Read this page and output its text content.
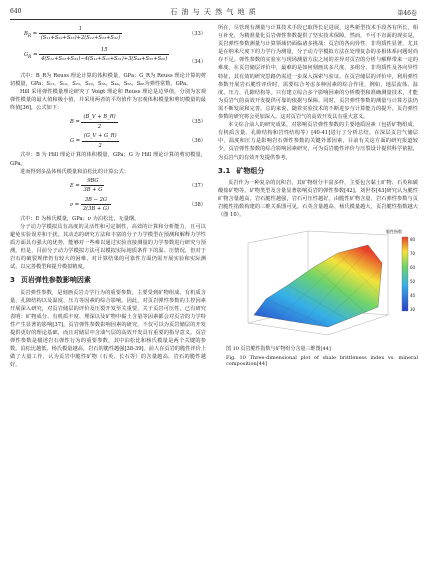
640	石 油 与 天 然 气 地 质	第46卷
$B_R = \frac{1}{\text{(S₁₁+S₂₂+S₃₃)+2(S₁₂+S₂₃+S₃₁)}}$	（33）
$G_R = \frac{15}{\text{4(S₁₁+S₂₂+S₃₃)−4(S₁₂+S₂₃+S₃₁)+3(S₄₄+S₅₅+S₆₆)}}$	（34）

式中：B_R为 Reuss 理论计算的体积模量，GPa；G_R为 Reuss 理论计算的剪切模量，GPa；S₁₁，S₁₂，S₂₂，S₂₃，S₃₃，S₄₄，S₅₅，S₆₆为弹性常数，GPa。

Hill 采用弹性模量理论研究了 Voigt 理论和 Reuss 理论是边界值，分别为宏观弹性模量的最大值和极小值，并采用两者的平均值作为宏观体积模量和剪切模量的最终值[36]，公式如下：

$B = \frac{(B\_V + B\_R)}{2}$	（35）
$G = \frac{(G\_V + G\_R)}{2}$	（36）

式中：B 为 Hill 理论计算的体积模量，GPa；G 为 Hill 理论计算的剪切模量，GPa。

进而得到多晶体杨氏模量和泊松比的计算公式：

$E = \frac{9BG}{3B + G}$	（37）
$\nu = \frac{3B - 2G}{2(3B + G)}$	（38）

式中：E 为杨氏模量，GPa；ν 为泊松比，无量纲。

分子动力学模拟具有高度的灵活性和可定制性，高效的计算和分析能力，且可以避免实验误差和干扰。其动态的研究方法和丰富的分子力学模型在预测和解释力学性质方面具有强大的优势，能够对一些难以通过实验直接测量的力学参数进行研究与预测。但是，目前分子动力学模拟方法可以模拟实际地质条件下的温、压情况，但对于岩石的破裂规律仍有较大的困难。对计算结果的可靠性方面仍需开展实验和实际测试，以完善模型和提升模拟精度。

3 页岩弹性参数影响因素

页岩弹性参数，是刻画页岩力学行为的重要参数，主要受到矿物组成、有机质含量、孔隙结构以及温度、压力等因素的综合影响。因此，对页岩弹性参数的主控因素开展深入研究，对页岩储层的评价及压裂开发至关重要。关于页岩可压性，已有研究表明：矿物成分、有机质丰度、埋深以及矿物中黏土含量等因素都会对页岩的力学特性产生显著的影响[37]。页岩弹性参数影响因素的研究，不仅可以为页岩储层的开发提供更好的理论基础，而且对储层中含油气层的高效开发具有重要的指导意义。页岩弹性参数是描述岩石弹性行为的重要参数，其中泊松比和杨氏模量是两个关键的参数。泊松比越低、杨氏模量越高，岩石的脆性越强[38-39]。前人在页岩的脆性评价上做了大量工作，认为页岩中脆性矿物（石英、长石等）的含量越高，岩石的脆性越好。

所在，尽管现有测量与计算技术手段已取得长足进展，这些新型技术手段各有所长，相互补充，为精准量化页岩弹性参数提供了坚实技术保障。然而，不可不直面的现实是，页岩弹性参数测量与计算领域仍面临诸多挑战：页岩的各向异性、非均质性显著，尤其是在纳米尺度下的力学行为测量，分子动力学模拟方法在处理复杂的多相体系问题时尚存不足。弹性参数的实验室与现场测量方法之间的差异对页岩的分析与解释带来一定的难度。在页岩储层评价中，最难的是如何刻画其多尺度、多组分、非均质性及各向异性特征，其有效的研究思路仍需进一步深入探索与验证。在页岩储层的评价中，利用弹性参数开展岩石脆性评价时，需要综合考虑多种因素的综合作用，例如，地层流体、温度、压力、孔隙结构等。只有建立综合多个影响因素的分析模型和准确测量技术，才能为页岩气的高效开发提供可靠的依据与保障。同时，页岩弹性参数的测量与计算方法仍需不断发展和完善。总的来说，随着实验技术的不断进步与计算能力的提升，页岩弹性参数的研究将会更加深入，这对页岩气的高效开发具有重大意义。

本文综合前人的研究成果，对影响页岩弹性参数的主要地质因素（包括矿物组成、有机质含量、孔隙结构和岩性结构等）[40-41]进行了分析总结。在深层页岩气储层中，温度和压力是影响岩石弹性参数的关键外部因素，目前有关这方面的研究报道较少。页岩弹性参数的综合影响因素研究，可为页岩脆性评价与压裂设计提供科学依据，为页岩气的有效开发提供参考。

3.1 矿物组分

页岩作为一种复杂的沉积岩，其矿物组分丰富多样，主要包含黏土矿物、石英和碳酸盐矿物等。矿物类型及含量显著影响页岩的弹性参数[42]。刘世春[43]研究认为脆性矿物含量越高，岩石脆性越强，岩石可压性越好。由脆性矿物含量、岩石弹性参数与页岩脆性指数构建的三维关系图可见，石英含量越高、杨氏模量越大，页岩脆性指数越大（图 10）。

80
70
60
50
40
30
脆性指数
图 10 页岩脆性指数与矿物组分含量三维图[44]
Fig. 10 Three-dimensional plot of shale brittleness index vs. mineral composition[44]
